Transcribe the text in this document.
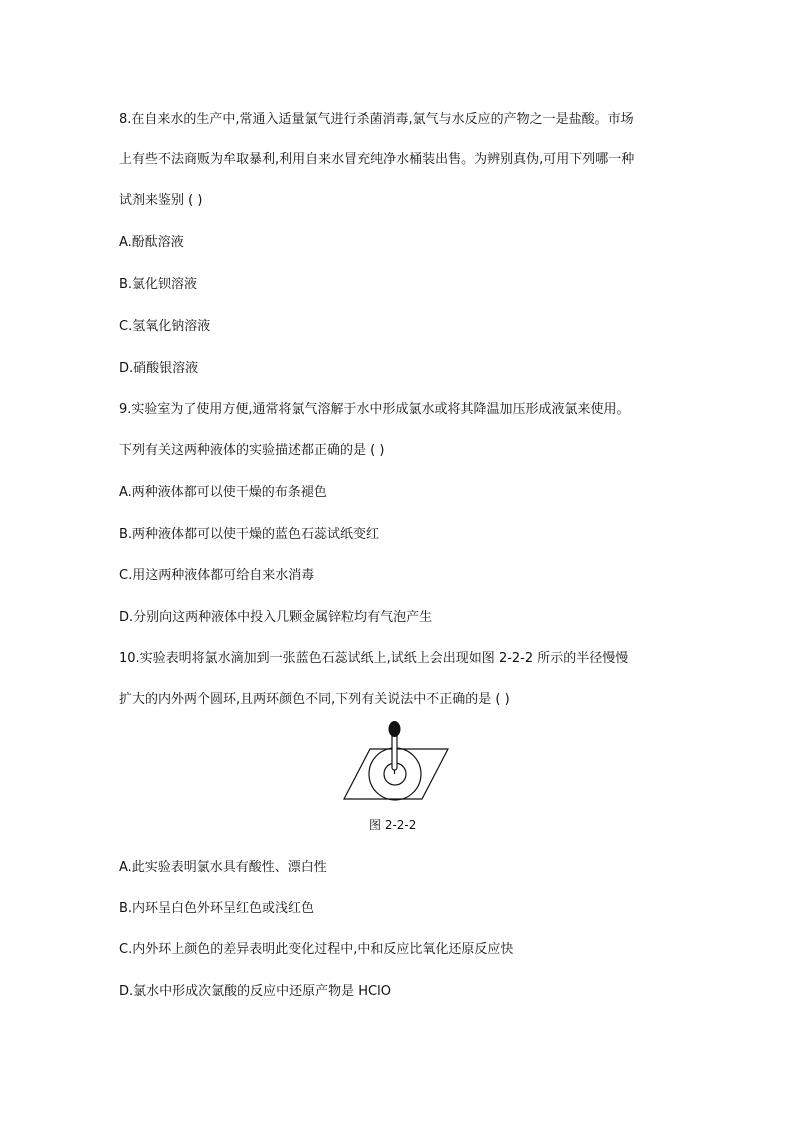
8.在自来水的生产中,常通入适量氯气进行杀菌消毒,氯气与水反应的产物之一是盐酸。市场
上有些不法商贩为牟取暴利,利用自来水冒充纯净水桶装出售。为辨别真伪,可用下列哪一种
试剂来鉴别 ( )
A.酚酞溶液
B.氯化钡溶液
C.氢氧化钠溶液
D.硝酸银溶液
9.实验室为了使用方便,通常将氯气溶解于水中形成氯水或将其降温加压形成液氯来使用。
下列有关这两种液体的实验描述都正确的是 ( )
A.两种液体都可以使干燥的布条褪色
B.两种液体都可以使干燥的蓝色石蕊试纸变红
C.用这两种液体都可给自来水消毒
D.分别向这两种液体中投入几颗金属锌粒均有气泡产生
10.实验表明将氯水滴加到一张蓝色石蕊试纸上,试纸上会出现如图 2-2-2 所示的半径慢慢
扩大的内外两个圆环,且两环颜色不同,下列有关说法中不正确的是 ( )
图 2-2-2
A.此实验表明氯水具有酸性、漂白性
B.内环呈白色外环呈红色或浅红色
C.内外环上颜色的差异表明此变化过程中,中和反应比氧化还原反应快
D.氯水中形成次氯酸的反应中还原产物是 HClO
